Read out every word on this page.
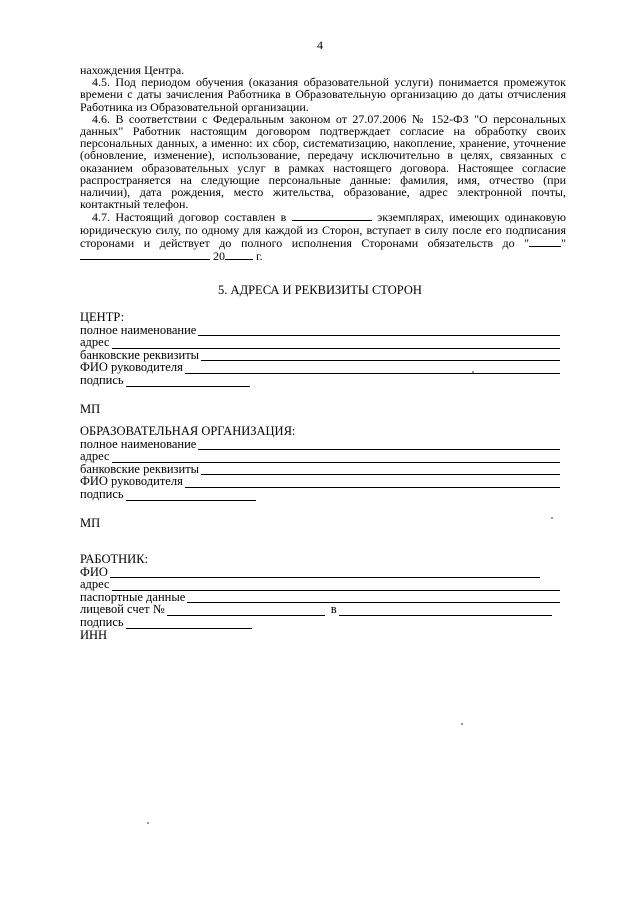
4

нахождения Центра.

4.5. Под периодом обучения (оказания образовательной услуги) понимается промежуток времени с даты зачисления Работника в Образовательную организацию до даты отчисления Работника из Образовательной организации.

4.6. В соответствии с Федеральным законом от 27.07.2006 № 152-ФЗ "О персональных данных" Работник настоящим договором подтверждает согласие на обработку своих персональных данных, а именно: их сбор, систематизацию, накопление, хранение, уточнение (обновление, изменение), использование, передачу исключительно в целях, связанных с оказанием образовательных услуг в рамках настоящего договора. Настоящее согласие распространяется на следующие персональные данные: фамилия, имя, отчество (при наличии), дата рождения, место жительства, образование, адрес электронной почты, контактный телефон.

4.7. Настоящий договор составлен в	экземплярах, имеющих одинаковую юридическую силу, по одному для каждой из Сторон, вступает в силу после его подписания сторонами и действует до полного исполнения Сторонами обязательств до "	"  20	г.

5. АДРЕСА И РЕКВИЗИТЫ СТОРОН
ЦЕНТР:
полное наименование
адрес
банковские реквизиты
ФИО руководителя
подпись
МП
ОБРАЗОВАТЕЛЬНАЯ ОРГАНИЗАЦИЯ:
полное наименование
адрес
банковские реквизиты
ФИО руководителя
подпись
МП
РАБОТНИК:
ФИО
адрес
паспортные данные
лицевой счет №	в
подпись
ИНН
